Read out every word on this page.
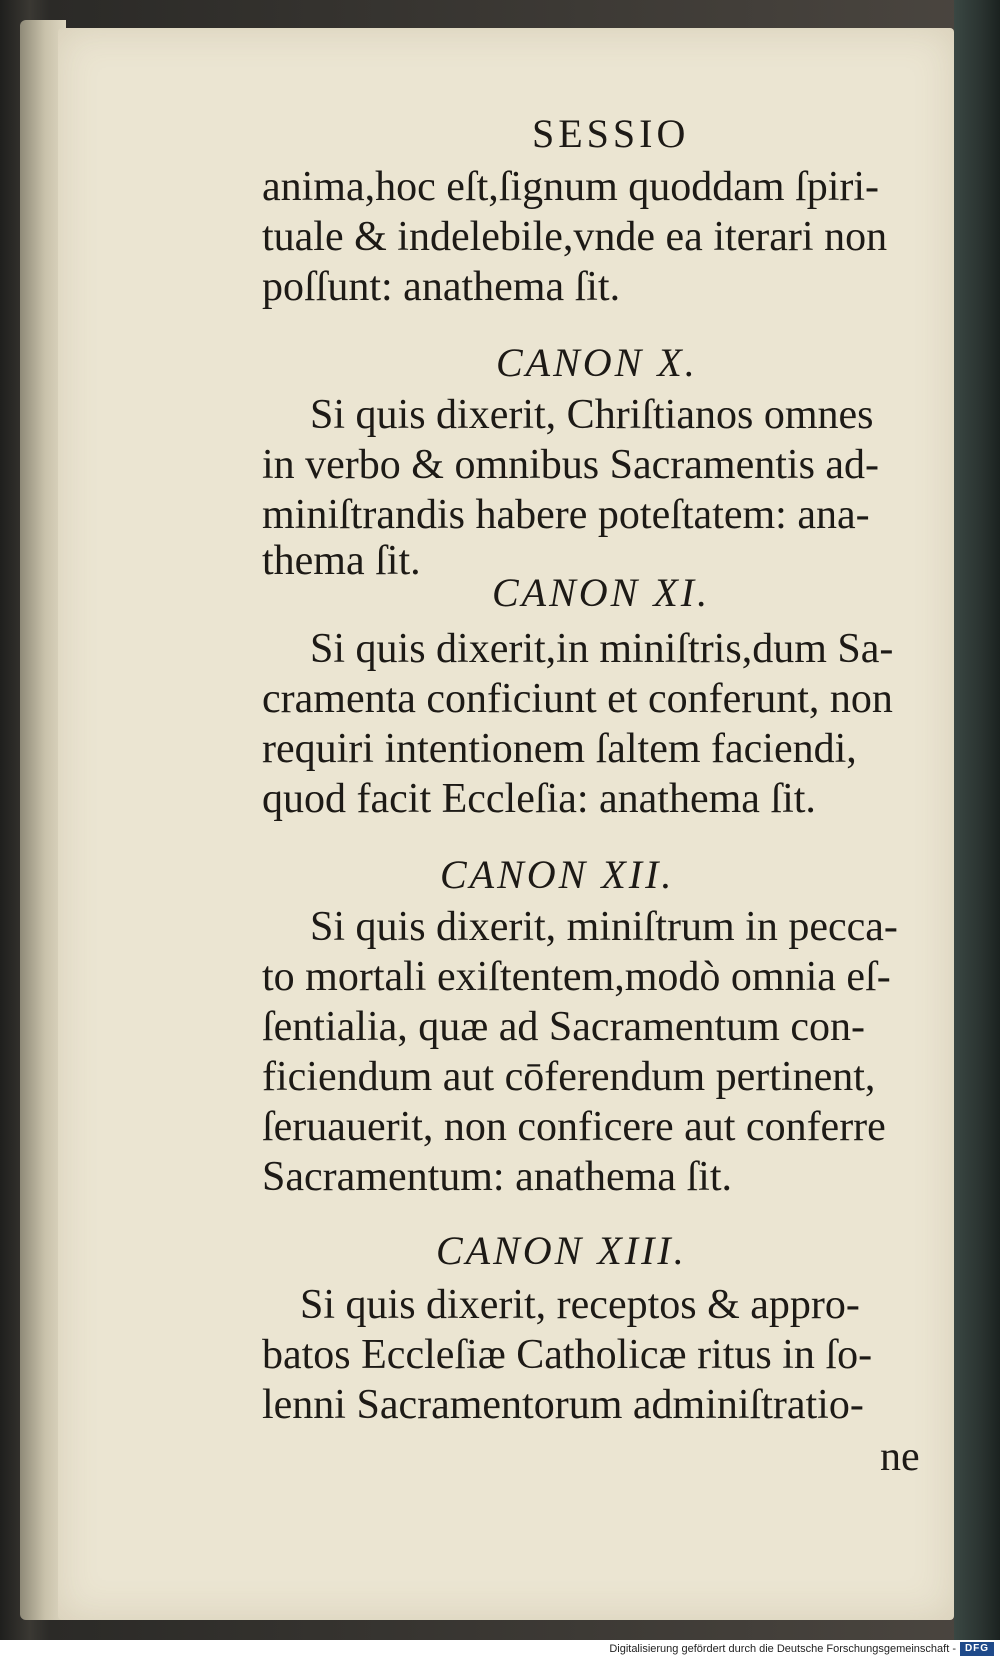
SESSIO
anima,hoc eſt,ſignum quoddam ſpiri-
tuale & indelebile,vnde ea iterari non
poſſunt: anathema ſit.
CANON X.
Si quis dixerit, Chriſtianos omnes
in verbo & omnibus Sacramentis ad-
miniſtrandis habere poteſtatem: ana-
thema ſit.
CANON XI.
Si quis dixerit,in miniſtris,dum Sa-
cramenta conficiunt et conferunt, non
requiri intentionem ſaltem faciendi,
quod facit Eccleſia: anathema ſit.
CANON XII.
Si quis dixerit, miniſtrum in pecca-
to mortali exiſtentem,modò omnia eſ-
ſentialia, quæ ad Sacramentum con-
ficiendum aut cōferendum pertinent,
ſeruauerit, non conficere aut conferre
Sacramentum: anathema ſit.
CANON XIII.
Si quis dixerit, receptos & appro-
batos Eccleſiæ Catholicæ ritus in ſo-
lenni Sacramentorum adminiſtratio-
ne
Digitalisierung gefördert durch die Deutsche Forschungsgemeinschaft - DFG
